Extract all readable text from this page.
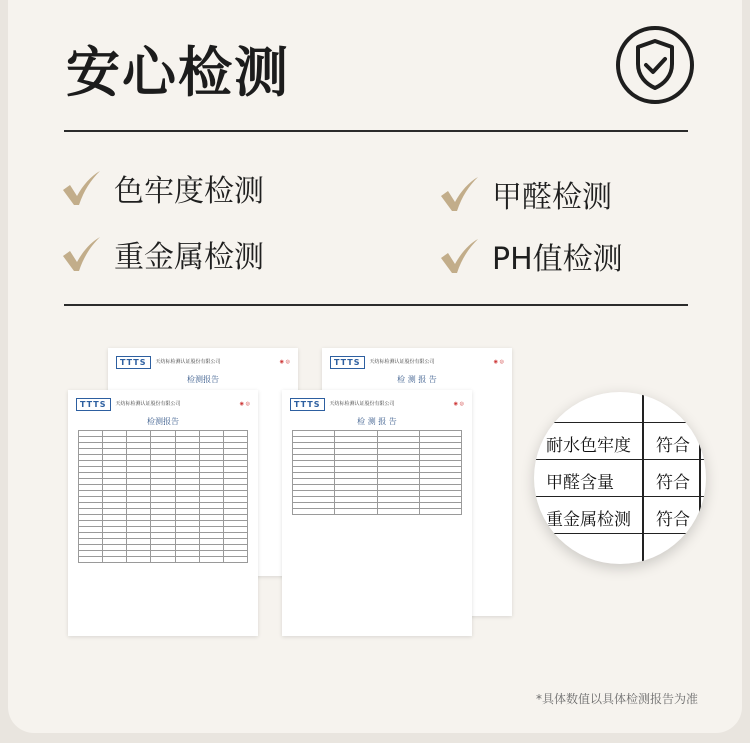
安心检测
色牢度检测	甲醛检测
重金属检测	PH值检测
TTTS	天纺标检测认证股份有限公司	◉ ◎
检测报告
TTTS	天纺标检测认证股份有限公司	◉ ◎
检 测 报 告
TTTS	天纺标检测认证股份有限公司	◉ ◎
检测报告

TTTS	天纺标检测认证股份有限公司	◉ ◎
检 测 报 告

耐水色牢度 符合
甲醛含量 符合
重金属检测 符合
*具体数值以具体检测报告为准
